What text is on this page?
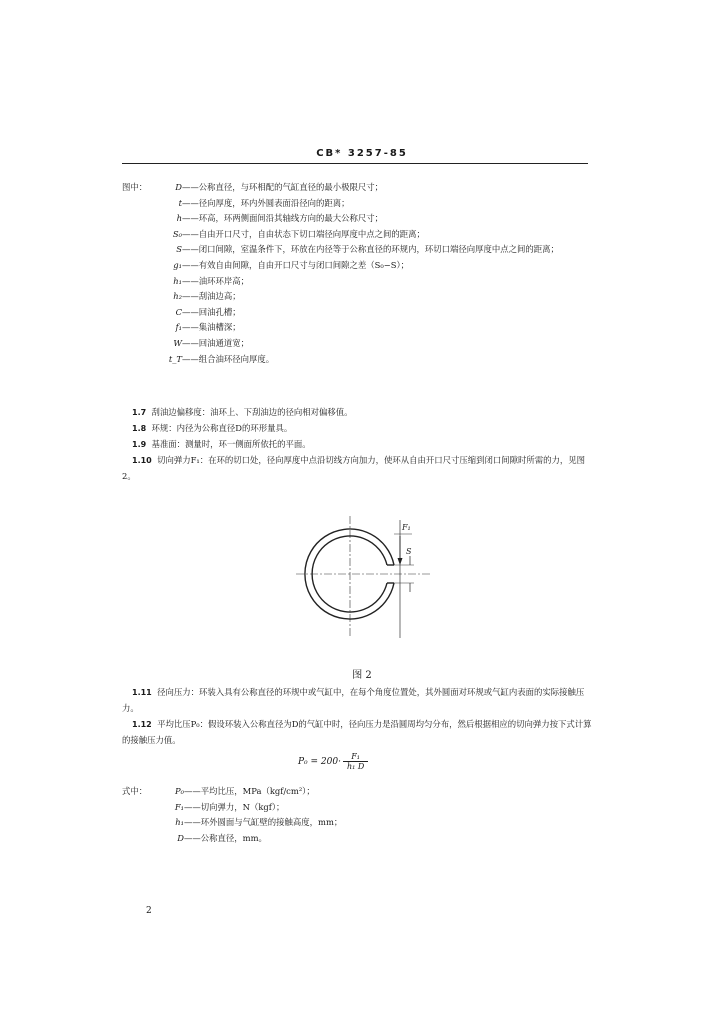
CB* 3257-85
图中：	D ——公称直径，与环相配的气缸直径的最小极限尺寸；
t ——径向厚度，环内外圆表面沿径向的距离；
h ——环高，环两侧面间沿其轴线方向的最大公称尺寸；
S₀ ——自由开口尺寸，自由状态下切口端径向厚度中点之间的距离；
S ——闭口间隙，室温条件下，环放在内径等于公称直径的环规内，环切口端径向厚度中点之间的距离；
g₁ ——有效自由间隙，自由开口尺寸与闭口间隙之差（S₀−S）；
h₁ ——油环环岸高；
h₂ ——刮油边高；
C ——回油孔槽；
f₁ ——集油槽深；
W ——回油通道宽；
t_T ——组合油环径向厚度。
1.7 刮油边偏移度：油环上、下刮油边的径向相对偏移值。
1.8 环规：内径为公称直径D的环形量具。
1.9 基准面：测量时，环一侧面所依托的平面。
1.10 切向弹力F₁：在环的切口处，径向厚度中点沿切线方向加力，使环从自由开口尺寸压缩到闭口间隙时所需的力，见图2。
F₁
S
图 2
1.11 径向压力：环装入具有公称直径的环规中或气缸中，在每个角度位置处，其外圆面对环规或气缸内表面的实际接触压力。
1.12 平均比压P₀：假设环装入公称直径为D的气缸中时，径向压力是沿圆周均匀分布，然后根据相应的切向弹力按下式计算的接触压力值。
$P_0 = 200\cdot \frac{\text{F₁}}{\text{h₁ D}}$
式中：	P₀ ——平均比压，MPa（kgf/cm²）；
F₁ ——切向弹力，N（kgf）；
h₁ ——环外圆面与气缸壁的接触高度，mm；
D ——公称直径，mm。
2
